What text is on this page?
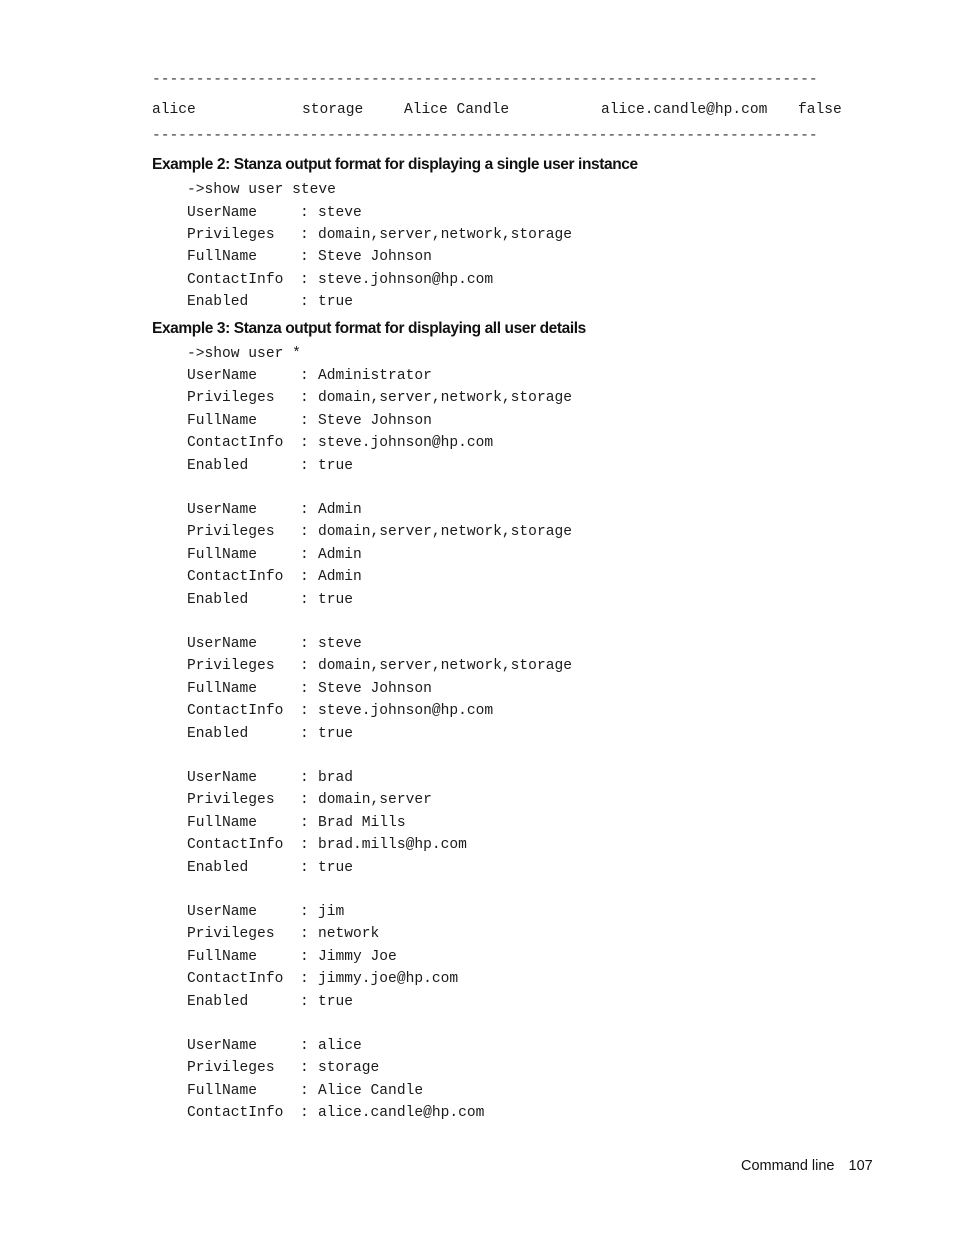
----------------------------------------------------------------------------
alice	storage	Alice Candle	alice.candle@hp.com false
----------------------------------------------------------------------------
Example 2: Stanza output format for displaying a single user instance
->show user steve
UserName	: steve
Privileges : domain,server,network,storage
FullName	: Steve Johnson
ContactInfo : steve.johnson@hp.com
Enabled	: true
Example 3: Stanza output format for displaying all user details
->show user *
UserName	: Administrator
Privileges : domain,server,network,storage
FullName	: Steve Johnson
ContactInfo : steve.johnson@hp.com
Enabled	: true
UserName	: Admin
Privileges : domain,server,network,storage
FullName	: Admin
ContactInfo : Admin
Enabled	: true
UserName	: steve
Privileges : domain,server,network,storage
FullName	: Steve Johnson
ContactInfo : steve.johnson@hp.com
Enabled	: true
UserName	: brad
Privileges : domain,server
FullName	: Brad Mills
ContactInfo : brad.mills@hp.com
Enabled	: true
UserName	: jim
Privileges : network
FullName	: Jimmy Joe
ContactInfo : jimmy.joe@hp.com
Enabled	: true
UserName	: alice
Privileges : storage
FullName	: Alice Candle
ContactInfo : alice.candle@hp.com
Command line 107
